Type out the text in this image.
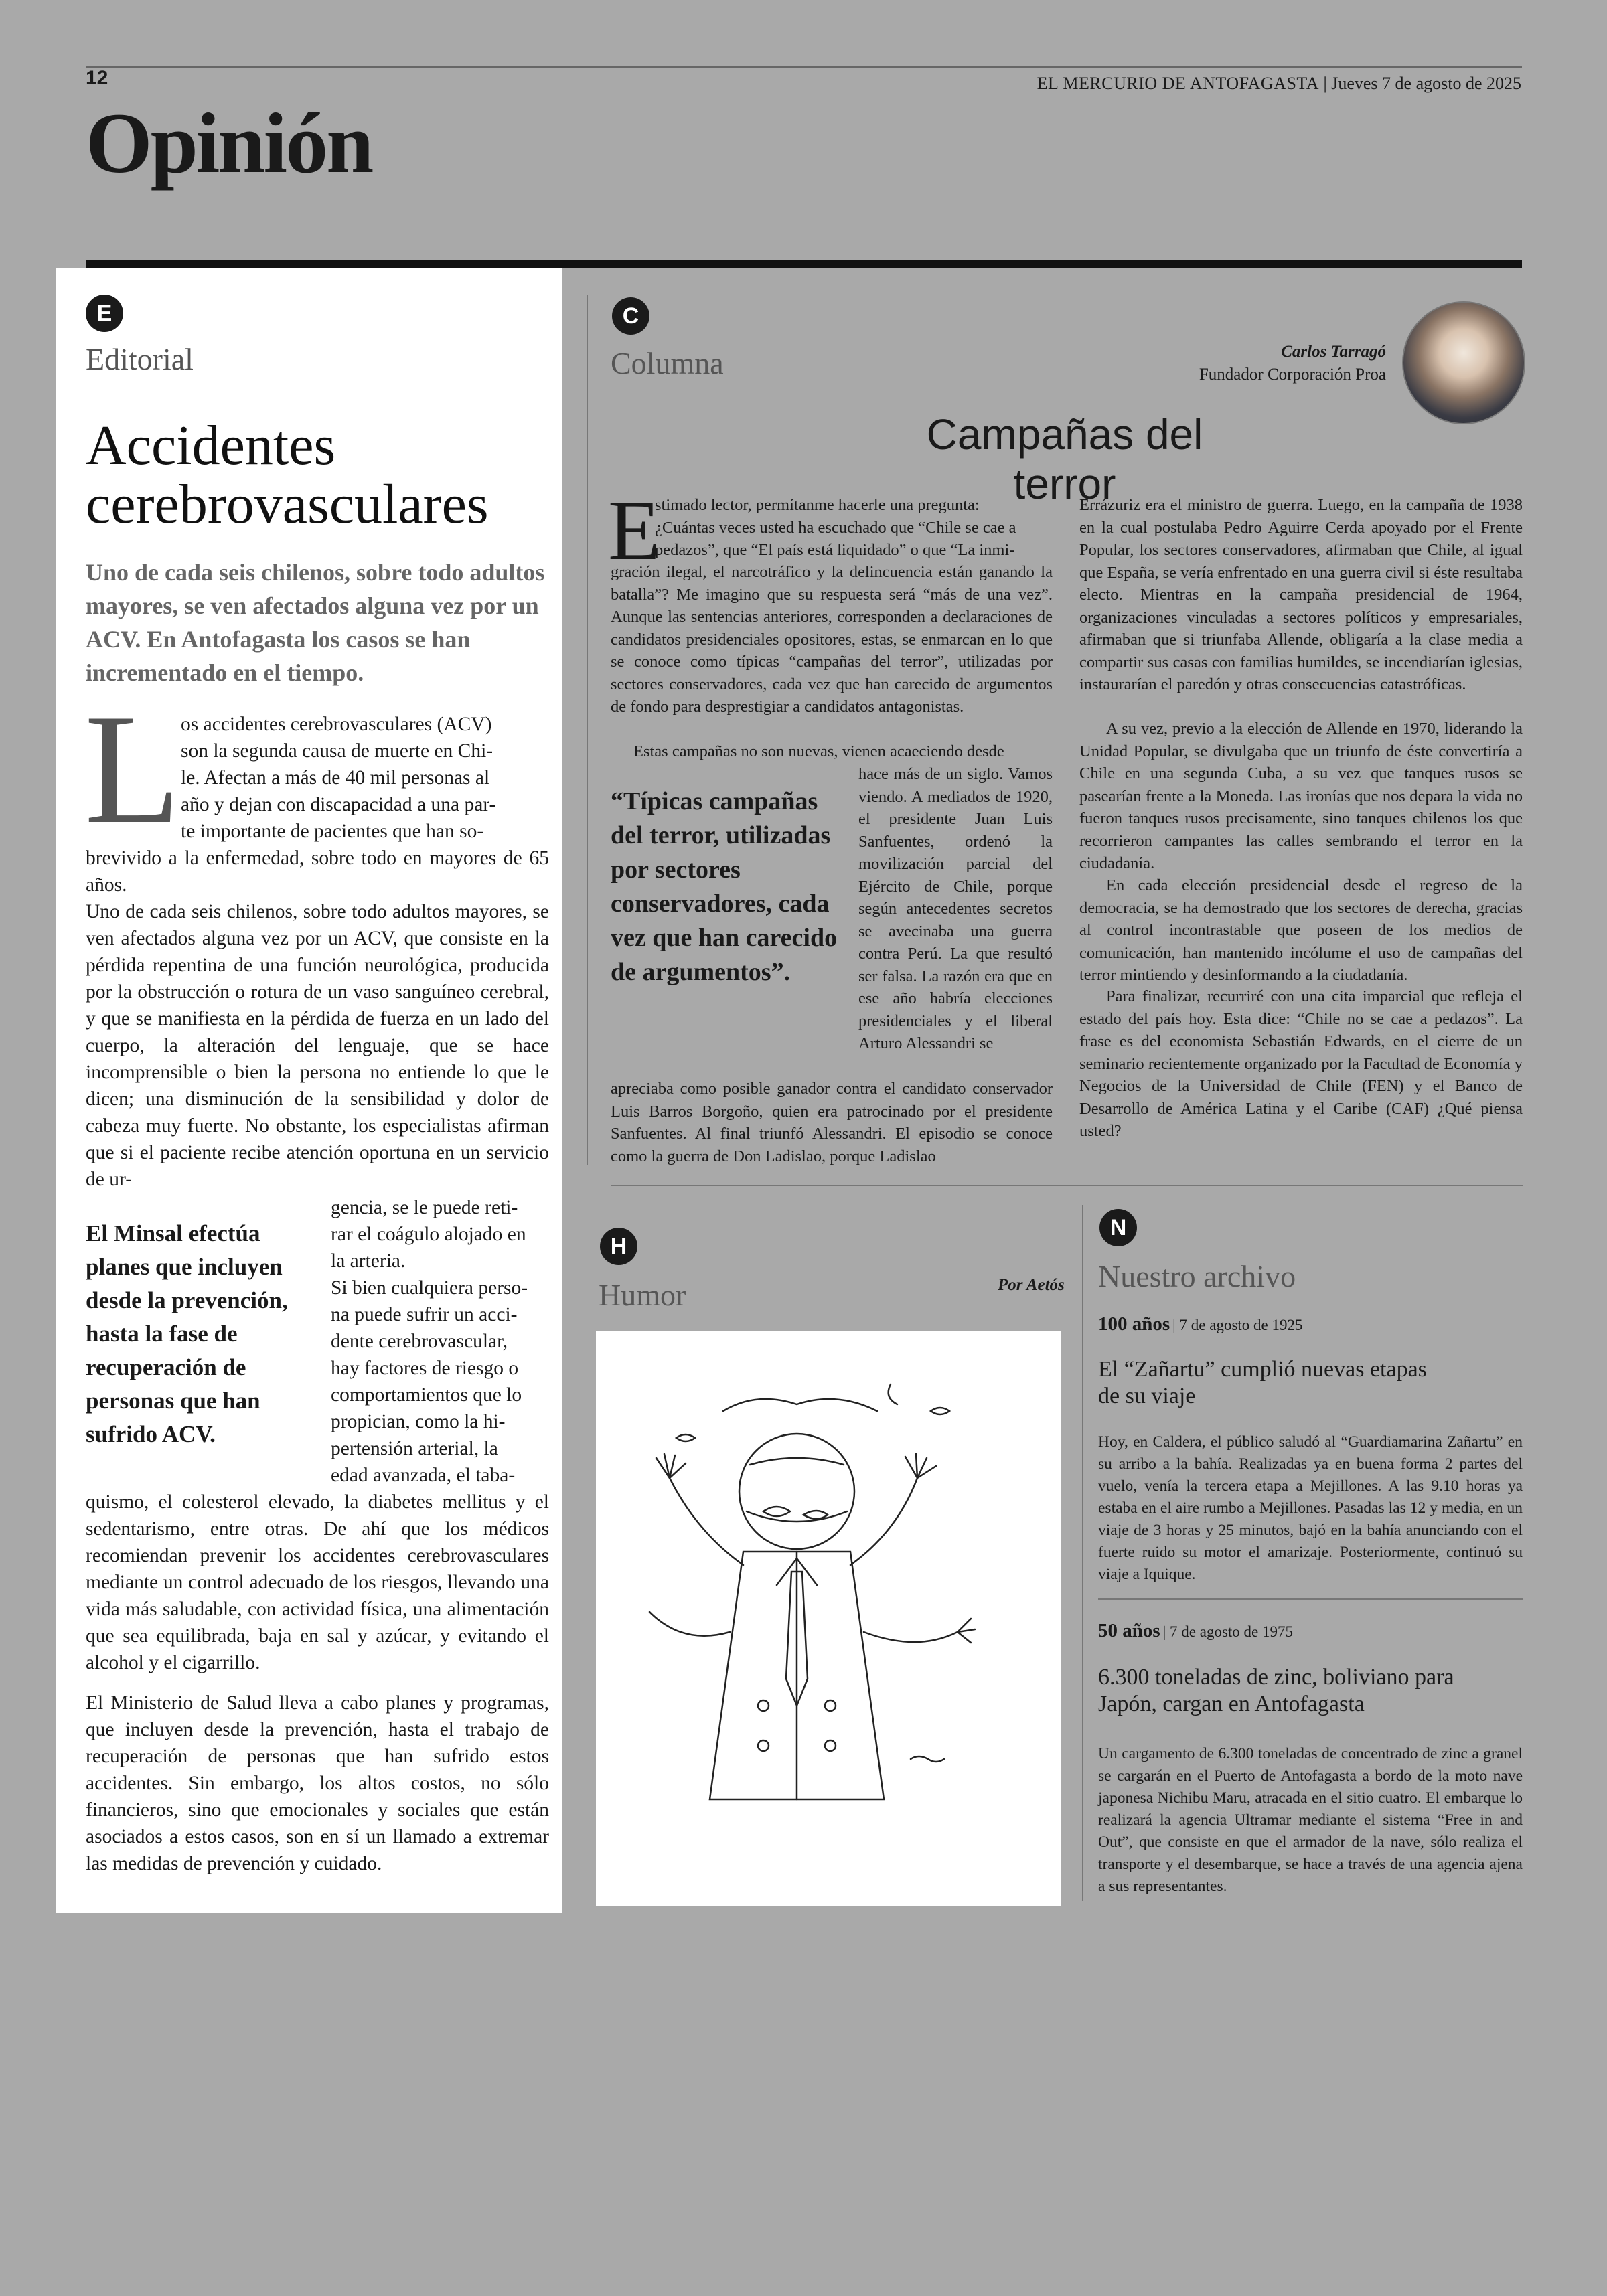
12	EL MERCURIO DE ANTOFAGASTA | Jueves 7 de agosto de 2025
Opinión
E
Editorial
Accidentes
cerebrovasculares
Uno de cada seis chilenos, sobre todo adultos mayores, se ven afectados alguna vez por un ACV. En Antofagasta los casos se han incrementado en el tiempo.
L os accidentes cerebrovasculares (ACV)
son la segunda causa de muerte en Chi-
le. Afectan a más de 40 mil personas al
año y dejan con discapacidad a una par-
te importante de pacientes que han so-
brevivido a la enfermedad, sobre todo en mayores de 65 años.
Uno de cada seis chilenos, sobre todo adultos mayores, se ven afectados alguna vez por un ACV, que consiste en la pérdida repentina de una función neurológica, producida por la obstrucción o rotura de un vaso sanguíneo cerebral, y que se manifiesta en la pérdida de fuerza en un lado del cuerpo, la alteración del lenguaje, que se hace incomprensible o bien la persona no entiende lo que le dicen; una disminución de la sensibilidad y dolor de cabeza muy fuerte. No obstante, los especialistas afirman que si el paciente recibe atención oportuna en un servicio de ur-
El Minsal efectúa planes que incluyen desde la prevención, hasta la fase de recuperación de personas que han sufrido ACV.
gencia, se le puede reti-
rar el coágulo alojado en
la arteria.
Si bien cualquiera perso-
na puede sufrir un acci-
dente cerebrovascular,
hay factores de riesgo o
comportamientos que lo
propician, como la hi-
pertensión arterial, la
edad avanzada, el taba-
quismo, el colesterol elevado, la diabetes mellitus y el sedentarismo, entre otras. De ahí que los médicos recomiendan prevenir los accidentes cerebrovasculares mediante un control adecuado de los riesgos, llevando una vida más saludable, con actividad física, una alimentación que sea equilibrada, baja en sal y azúcar, y evitando el alcohol y el cigarrillo.
El Ministerio de Salud lleva a cabo planes y programas, que incluyen desde la prevención, hasta el trabajo de recuperación de personas que han sufrido estos accidentes. Sin embargo, los altos costos, no sólo financieros, sino que emocionales y sociales que están asociados a estos casos, son en sí un llamado a extremar las medidas de prevención y cuidado.
C
Columna	Carlos Tarragó
Fundador Corporación Proa
Campañas del terror
E
stimado lector, permítanme hacerle una pregunta:
¿Cuántas veces usted ha escuchado que “Chile se cae a
pedazos”, que “El país está liquidado” o que “La inmi-
gración ilegal, el narcotráfico y la delincuencia están ganando la batalla”? Me imagino que su respuesta será “más de una vez”. Aunque las sentencias anteriores, corresponden a declaraciones de candidatos presidenciales opositores, estas, se enmarcan en lo que se conoce como típicas “campañas del terror”, utilizadas por sectores conservadores, cada vez que han carecido de argumentos de fondo para desprestigiar a candidatos antagonistas.
Estas campañas no son nuevas, vienen acaeciendo desde
“Típicas campañas del terror, utilizadas por sectores conservadores, cada vez que han carecido de argumentos”.
hace más de un siglo. Vamos viendo. A mediados de 1920, el presidente Juan Luis Sanfuentes, ordenó la movilización parcial del Ejército de Chile, porque según antecedentes secretos se avecinaba una guerra contra Perú. La que resultó ser falsa. La razón era que en ese año habría elecciones presidenciales y el liberal Arturo Alessandri se
apreciaba como posible ganador contra el candidato conservador Luis Barros Borgoño, quien era patrocinado por el presidente Sanfuentes. Al final triunfó Alessandri. El episodio se conoce como la guerra de Don Ladislao, porque Ladislao
Errázuriz era el ministro de guerra. Luego, en la campaña de 1938 en la cual postulaba Pedro Aguirre Cerda apoyado por el Frente Popular, los sectores conservadores, afirmaban que Chile, al igual que España, se vería enfrentado en una guerra civil si éste resultaba electo. Mientras en la campaña presidencial de 1964, organizaciones vinculadas a sectores políticos y empresariales, afirmaban que si triunfaba Allende, obligaría a la clase media a compartir sus casas con familias humildes, se incendiarían iglesias, instaurarían el paredón y otras consecuencias catastróficas.
A su vez, previo a la elección de Allende en 1970, liderando la Unidad Popular, se divulgaba que un triunfo de éste convertiría a Chile en una segunda Cuba, a su vez que tanques rusos se pasearían frente a la Moneda. Las ironías que nos depara la vida no fueron tanques rusos precisamente, sino tanques chilenos los que recorrieron campantes las calles sembrando el terror en la ciudadanía.
En cada elección presidencial desde el regreso de la democracia, se ha demostrado que los sectores de derecha, gracias al control incontrastable que poseen de los medios de comunicación, han mantenido incólume el uso de campañas del terror mintiendo y desinformando a la ciudadanía.
Para finalizar, recurriré con una cita imparcial que refleja el estado del país hoy. Esta dice: “Chile no se cae a pedazos”. La frase es del economista Sebastián Edwards, en el cierre de un seminario recientemente organizado por la Facultad de Economía y Negocios de la Universidad de Chile (FEN) y el Banco de Desarrollo de América Latina y el Caribe (CAF) ¿Qué piensa usted?
H
Humor	Por Aetós
N
Nuestro archivo
100 años | 7 de agosto de 1925
El “Zañartu” cumplió nuevas etapas de su viaje
Hoy, en Caldera, el público saludó al “Guardiamarina Zañartu” en su arribo a la bahía. Realizadas ya en buena forma 2 partes del vuelo, venía la tercera etapa a Mejillones. A las 9.10 horas ya estaba en el aire rumbo a Mejillones. Pasadas las 12 y media, en un viaje de 3 horas y 25 minutos, bajó en la bahía anunciando con el fuerte ruido su motor el amarizaje. Posteriormente, continuó su viaje a Iquique.
50 años | 7 de agosto de 1975
6.300 toneladas de zinc, boliviano para Japón, cargan en Antofagasta
Un cargamento de 6.300 toneladas de concentrado de zinc a granel se cargarán en el Puerto de Antofagasta a bordo de la moto nave japonesa Nichibu Maru, atracada en el sitio cuatro. El embarque lo realizará la agencia Ultramar mediante el sistema “Free in and Out”, que consiste en que el armador de la nave, sólo realiza el transporte y el desembarque, se hace a través de una agencia ajena a sus representantes.
